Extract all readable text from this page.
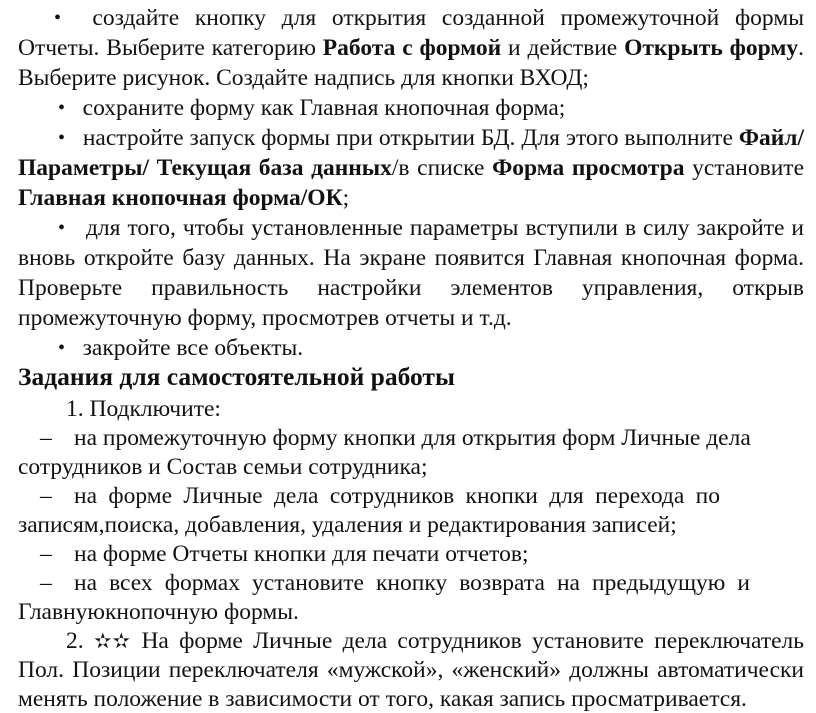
• создайте кнопку для открытия созданной промежуточной формы
Отчеты. Выберите категорию Работа с формой и действие Открыть форму.
Выберите рисунок. Создайте надпись для кнопки ВХОД;
• сохраните форму как Главная кнопочная форма;
• настройте запуск формы при открытии БД. Для этого выполните Файл/
Параметры/ Текущая база данных/в списке Форма просмотра установите
Главная кнопочная форма/ОК;
• для того, чтобы установленные параметры вступили в силу закройте и
вновь откройте базу данных. На экране появится Главная кнопочная форма.
Проверьте правильность настройки элементов управления, открыв
промежуточную форму, просмотрев отчеты и т.д.
• закройте все объекты.
Задания для самостоятельной работы
1. Подключите:
– на промежуточную форму кнопки для открытия форм Личные дела
сотрудников и Состав семьи сотрудника;
– на форме Личные дела сотрудников кнопки для перехода по
записям,поиска, добавления, удаления и редактирования записей;
– на форме Отчеты кнопки для печати отчетов;
– на всех формах установите кнопку возврата на предыдущую и
Главнуюкнопочную формы.
2. ✫✫ На форме Личные дела сотрудников установите переключатель
Пол. Позиции переключателя «мужской», «женский» должны автоматически
менять положение в зависимости от того, какая запись просматривается.
